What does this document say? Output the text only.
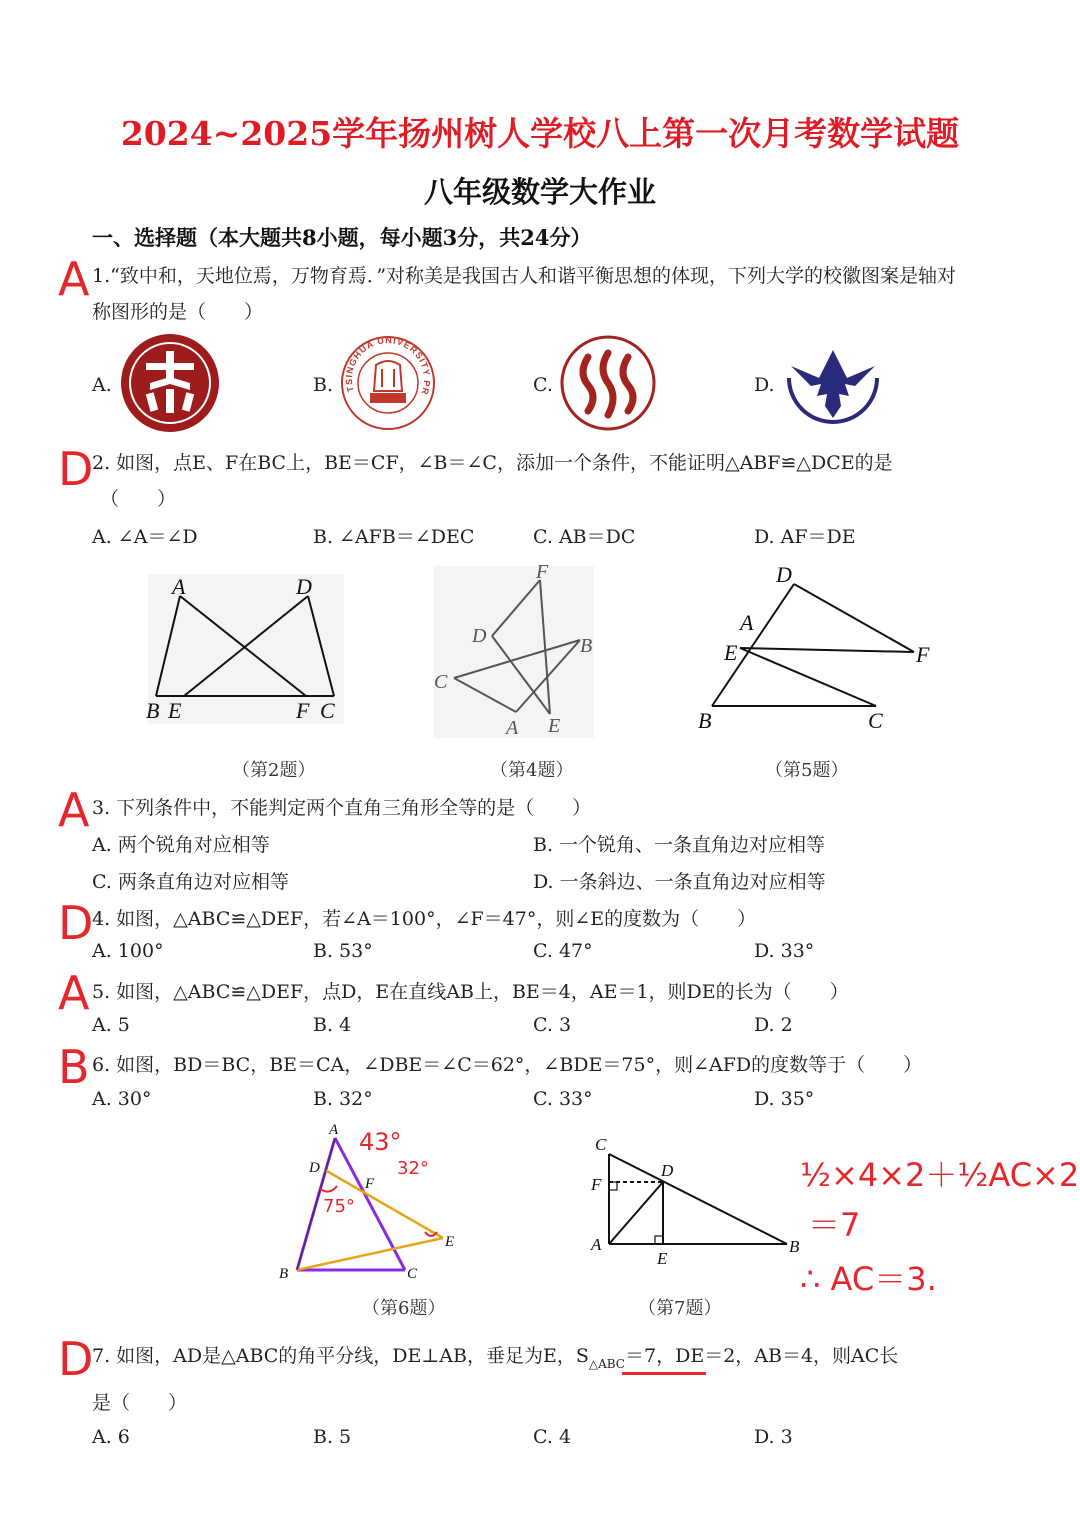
2024~2025学年扬州树人学校八上第一次月考数学试题
八年级数学大作业
一、选择题（本大题共8小题，每小题3分，共24分）
A 1.“致中和，天地位焉，万物育焉．”对称美是我国古人和谐平衡思想的体现，下列大学的校徽图案是轴对
称图形的是（　　）
A.	B.	C.	D.
TSINGHUA UNIVERSITY PRESS
D
2. 如图，点E、F在BC上，BE＝CF，∠B＝∠C，添加一个条件，不能证明△ABF≌△DCE的是
（　　）
A. ∠A＝∠D	B. ∠AFB＝∠DEC	C. AB＝DC	D. AF＝DE
A	D
B E	F C
F
D	B
C
A E
D
A
E	F
B	C
（第2题）	（第4题）	（第5题）
A 3. 下列条件中，不能判定两个直角三角形全等的是（　　）
A. 两个锐角对应相等	B. 一个锐角、一条直角边对应相等
C. 两条直角边对应相等	D. 一条斜边、一条直角边对应相等
D
4. 如图，△ABC≌△DEF，若∠A＝100°，∠F＝47°，则∠E的度数为（　　）
A. 100°	B. 53°	C. 47°	D. 33°
A 5. 如图，△ABC≌△DEF，点D，E在直线AB上，BE＝4，AE＝1，则DE的长为（　　）
A. 5	B. 4	C. 3	D. 2
B 6. 如图，BD＝BC，BE＝CA，∠DBE＝∠C＝62°，∠BDE＝75°，则∠AFD的度数等于（　　）
A. 30°	B. 32°	C. 33°	D. 35°
A
D
F
E
B	C
43°
32°
75°
C
F
D
A
E
B
（第6题）	（第7题）
½×4×2＋½AC×2
＝7
∴ AC＝3.
D
7. 如图，AD是△ABC的角平分线，DE⊥AB，垂足为E，$S_{\triangle ABC}=7$，DE＝2，AB＝4，则AC长
是（　　）
A. 6	B. 5	C. 4	D. 3
